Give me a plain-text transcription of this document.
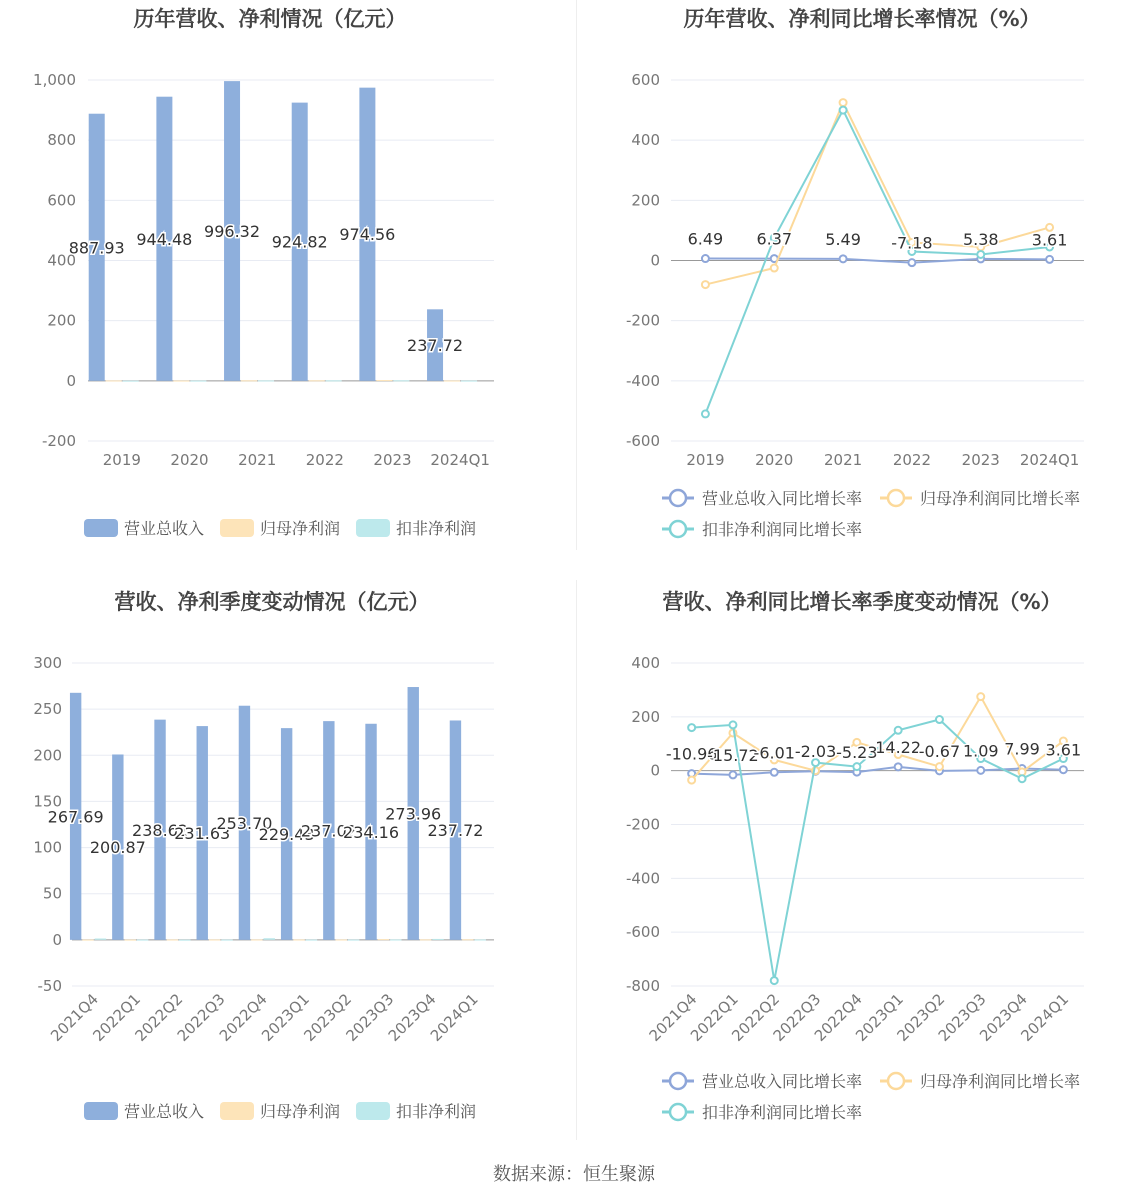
历年营收、净利情况（亿元）
-200
0
200
400
600
800
1,000
2019 2020 2021 2022 2023 2024Q1
887.93 944.48 996.32
924.82 974.56
237.72
营业总收入	归母净利润	扣非净利润
历年营收、净利同比增长率情况（%）
-600
-400
-200
0
200
400
600
2019 2020 2021 2022 2023 2024Q1
6.49 6.37 5.49 -7.18 5.38 3.61
营业总收入同比增长率	归母净利润同比增长率
扣非净利润同比增长率
营收、净利季度变动情况（亿元）
-50
0
50
100
150
200
250
300
2021Q4
2022Q1
2022Q2
2022Q3
2022Q4
2023Q1
2023Q2
2023Q3
2023Q4
2024Q1
267.69
200.87
238.62
231.63
253.70
229.43
237.02
234.16
273.96
237.72
营业总收入	归母净利润	扣非净利润
营收、净利同比增长率季度变动情况（%）
-800
-600
-400
-200
0
200
400
2021Q4
2022Q1
2022Q2
2022Q3
2022Q4
2023Q1
2023Q2
2023Q3
2023Q4
2024Q1
-10.96
-15.72
-6.01 -2.03 -5.23
14.22
-0.67 1.09 7.99 3.61
营业总收入同比增长率	归母净利润同比增长率
扣非净利润同比增长率
数据来源：恒生聚源
